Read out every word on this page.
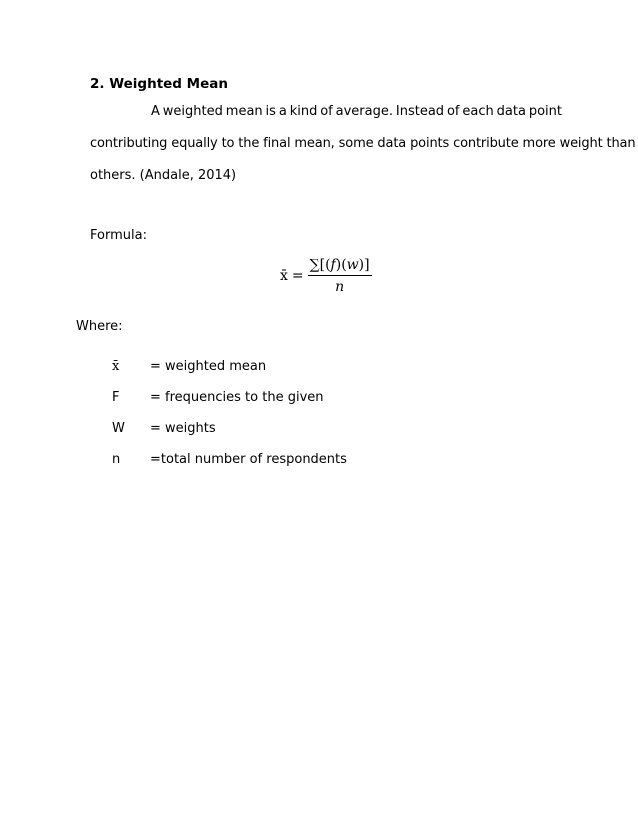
2. Weighted Mean
A weighted mean is a kind of average. Instead of each data point
contributing equally to the final mean, some data points contribute more weight than
others. (Andale, 2014)
Formula:
x̄ = $\frac{\text{∑[(𝑓)(𝑤)]}}{\text{𝑛}}$
Where:
x̄ = weighted mean
F = frequencies to the given
W = weights
n =total number of respondents
